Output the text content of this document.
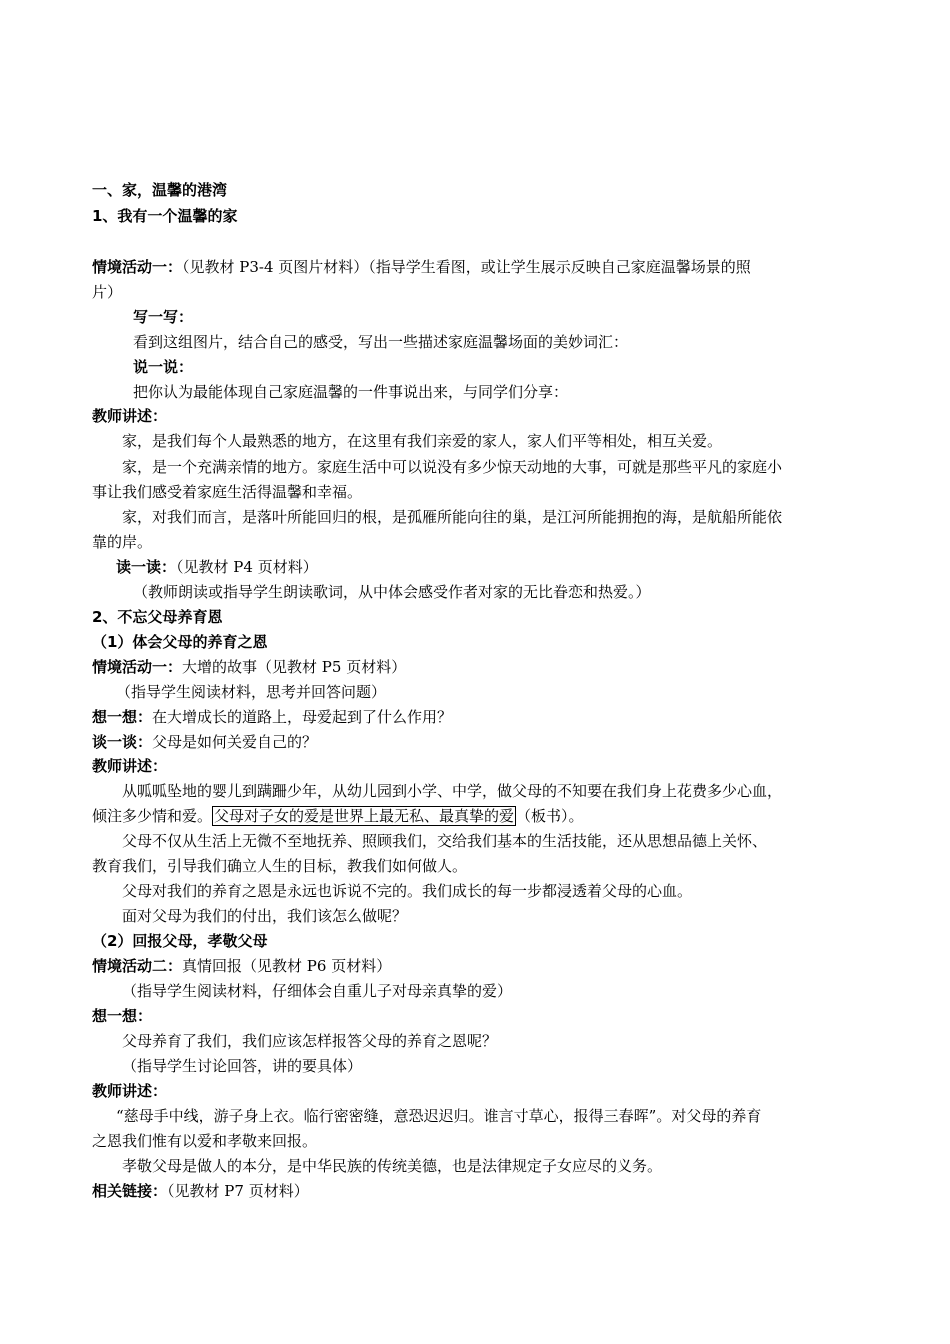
一、家，温馨的港湾
1、我有一个温馨的家
情境活动一：（见教材 P3-4 页图片材料）（指导学生看图，或让学生展示反映自己家庭温馨场景的照
片）
写一写：
看到这组图片，结合自己的感受，写出一些描述家庭温馨场面的美妙词汇：
说一说：
把你认为最能体现自己家庭温馨的一件事说出来，与同学们分享：
教师讲述：
家，是我们每个人最熟悉的地方，在这里有我们亲爱的家人，家人们平等相处，相互关爱。
家，是一个充满亲情的地方。家庭生活中可以说没有多少惊天动地的大事，可就是那些平凡的家庭小
事让我们感受着家庭生活得温馨和幸福。
家，对我们而言，是落叶所能回归的根，是孤雁所能向往的巢，是江河所能拥抱的海，是航船所能依
靠的岸。
读一读：（见教材 P4 页材料）
（教师朗读或指导学生朗读歌词，从中体会感受作者对家的无比眷恋和热爱。）
2、不忘父母养育恩
（1）体会父母的养育之恩
情境活动一：大增的故事（见教材 P5 页材料）
（指导学生阅读材料，思考并回答问题）
想一想：在大增成长的道路上，母爱起到了什么作用？
谈一谈：父母是如何关爱自己的？
教师讲述：
从呱呱坠地的婴儿到蹒跚少年，从幼儿园到小学、中学，做父母的不知要在我们身上花费多少心血，
倾注多少情和爱。 父母对子女的爱是世界上最无私、最真挚的爱 （板书）。
父母不仅从生活上无微不至地抚养、照顾我们，交给我们基本的生活技能，还从思想品德上关怀、
教育我们，引导我们确立人生的目标，教我们如何做人。
父母对我们的养育之恩是永远也诉说不完的。我们成长的每一步都浸透着父母的心血。
面对父母为我们的付出，我们该怎么做呢？
（2）回报父母，孝敬父母
情境活动二：真情回报（见教材 P6 页材料）
（指导学生阅读材料，仔细体会自重儿子对母亲真挚的爱）
想一想：
父母养育了我们，我们应该怎样报答父母的养育之恩呢？
（指导学生讨论回答，讲的要具体）
教师讲述：
“慈母手中线，游子身上衣。临行密密缝，意恐迟迟归。谁言寸草心，报得三春晖”。对父母的养育
之恩我们惟有以爱和孝敬来回报。
孝敬父母是做人的本分，是中华民族的传统美德，也是法律规定子女应尽的义务。
相关链接：（见教材 P7 页材料）
